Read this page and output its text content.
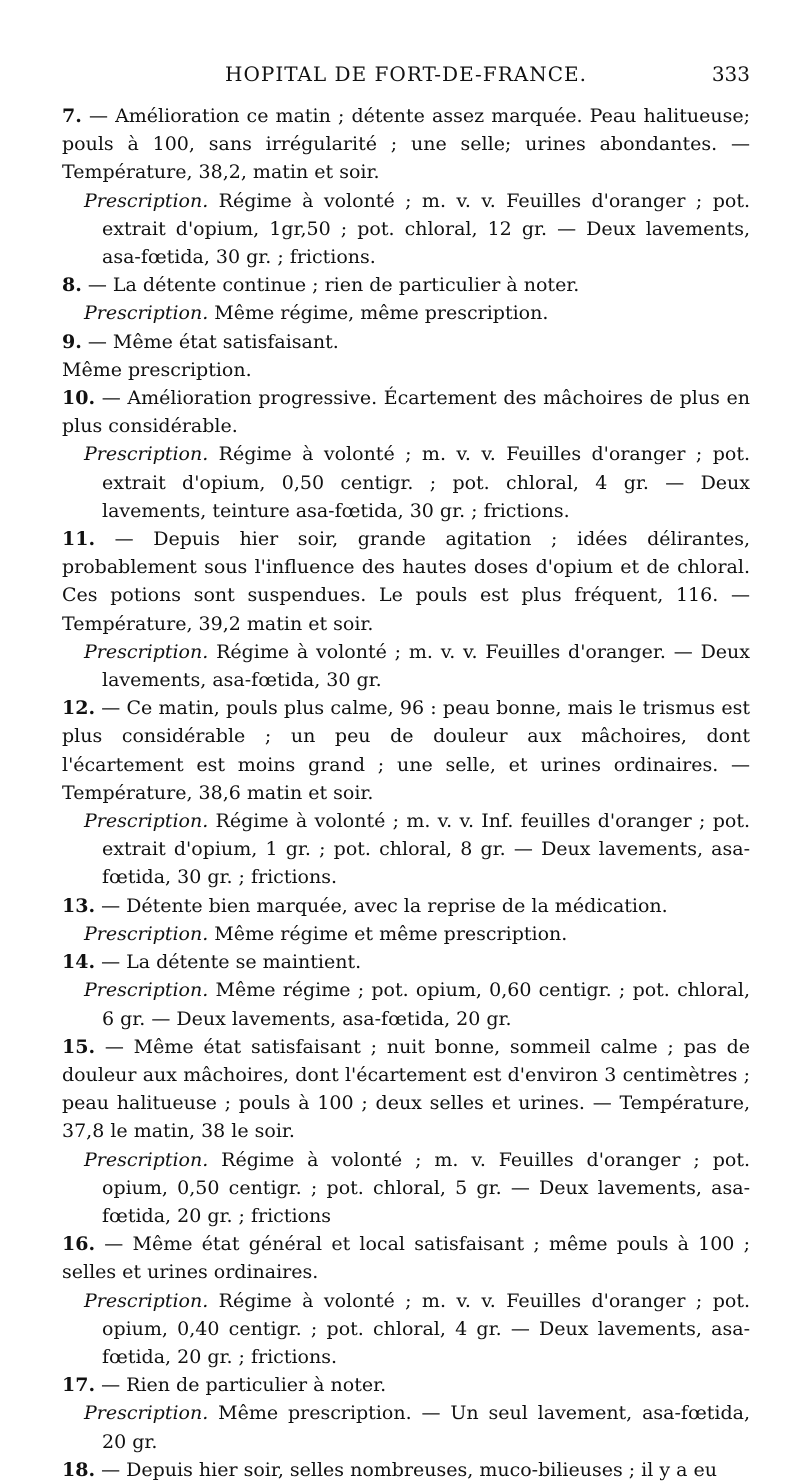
HOPITAL DE FORT-DE-FRANCE.	333

7. — Amélioration ce matin ; détente assez marquée. Peau halitueuse; pouls à 100, sans irrégularité ; une selle; urines abondantes. — Température, 38,2, matin et soir.

Prescription. Régime à volonté ; m. v. v. Feuilles d'oranger ; pot. extrait d'opium, 1gr,50 ; pot. chloral, 12 gr. — Deux lavements, asa-fœtida, 30 gr. ; frictions.

8. — La détente continue ; rien de particulier à noter.

Prescription. Même régime, même prescription.

9. — Même état satisfaisant.

Même prescription.

10. — Amélioration progressive. Écartement des mâchoires de plus en plus considérable.

Prescription. Régime à volonté ; m. v. v. Feuilles d'oranger ; pot. extrait d'opium, 0,50 centigr. ; pot. chloral, 4 gr. — Deux lavements, teinture asa-fœtida, 30 gr. ; frictions.

11. — Depuis hier soir, grande agitation ; idées délirantes, probablement sous l'influence des hautes doses d'opium et de chloral. Ces potions sont suspendues. Le pouls est plus fréquent, 116. — Température, 39,2 matin et soir.

Prescription. Régime à volonté ; m. v. v. Feuilles d'oranger. — Deux lavements, asa-fœtida, 30 gr.

12. — Ce matin, pouls plus calme, 96 : peau bonne, mais le trismus est plus considérable ; un peu de douleur aux mâchoires, dont l'écartement est moins grand ; une selle, et urines ordinaires. — Température, 38,6 matin et soir.

Prescription. Régime à volonté ; m. v. v. Inf. feuilles d'oranger ; pot. extrait d'opium, 1 gr. ; pot. chloral, 8 gr. — Deux lavements, asa-fœtida, 30 gr. ; frictions.

13. — Détente bien marquée, avec la reprise de la médication.

Prescription. Même régime et même prescription.

14. — La détente se maintient.

Prescription. Même régime ; pot. opium, 0,60 centigr. ; pot. chloral, 6 gr. — Deux lavements, asa-fœtida, 20 gr.

15. — Même état satisfaisant ; nuit bonne, sommeil calme ; pas de douleur aux mâchoires, dont l'écartement est d'environ 3 centimètres ; peau halitueuse ; pouls à 100 ; deux selles et urines. — Température, 37,8 le matin, 38 le soir.

Prescription. Régime à volonté ; m. v. Feuilles d'oranger ; pot. opium, 0,50 centigr. ; pot. chloral, 5 gr. — Deux lavements, asa-fœtida, 20 gr. ; frictions

16. — Même état général et local satisfaisant ; même pouls à 100 ; selles et urines ordinaires.

Prescription. Régime à volonté ; m. v. v. Feuilles d'oranger ; pot. opium, 0,40 centigr. ; pot. chloral, 4 gr. — Deux lavements, asa-fœtida, 20 gr. ; frictions.

17. — Rien de particulier à noter.

Prescription. Même prescription. — Un seul lavement, asa-fœtida, 20 gr.

18. — Depuis hier soir, selles nombreuses, muco-bilieuses ; il y a eu
